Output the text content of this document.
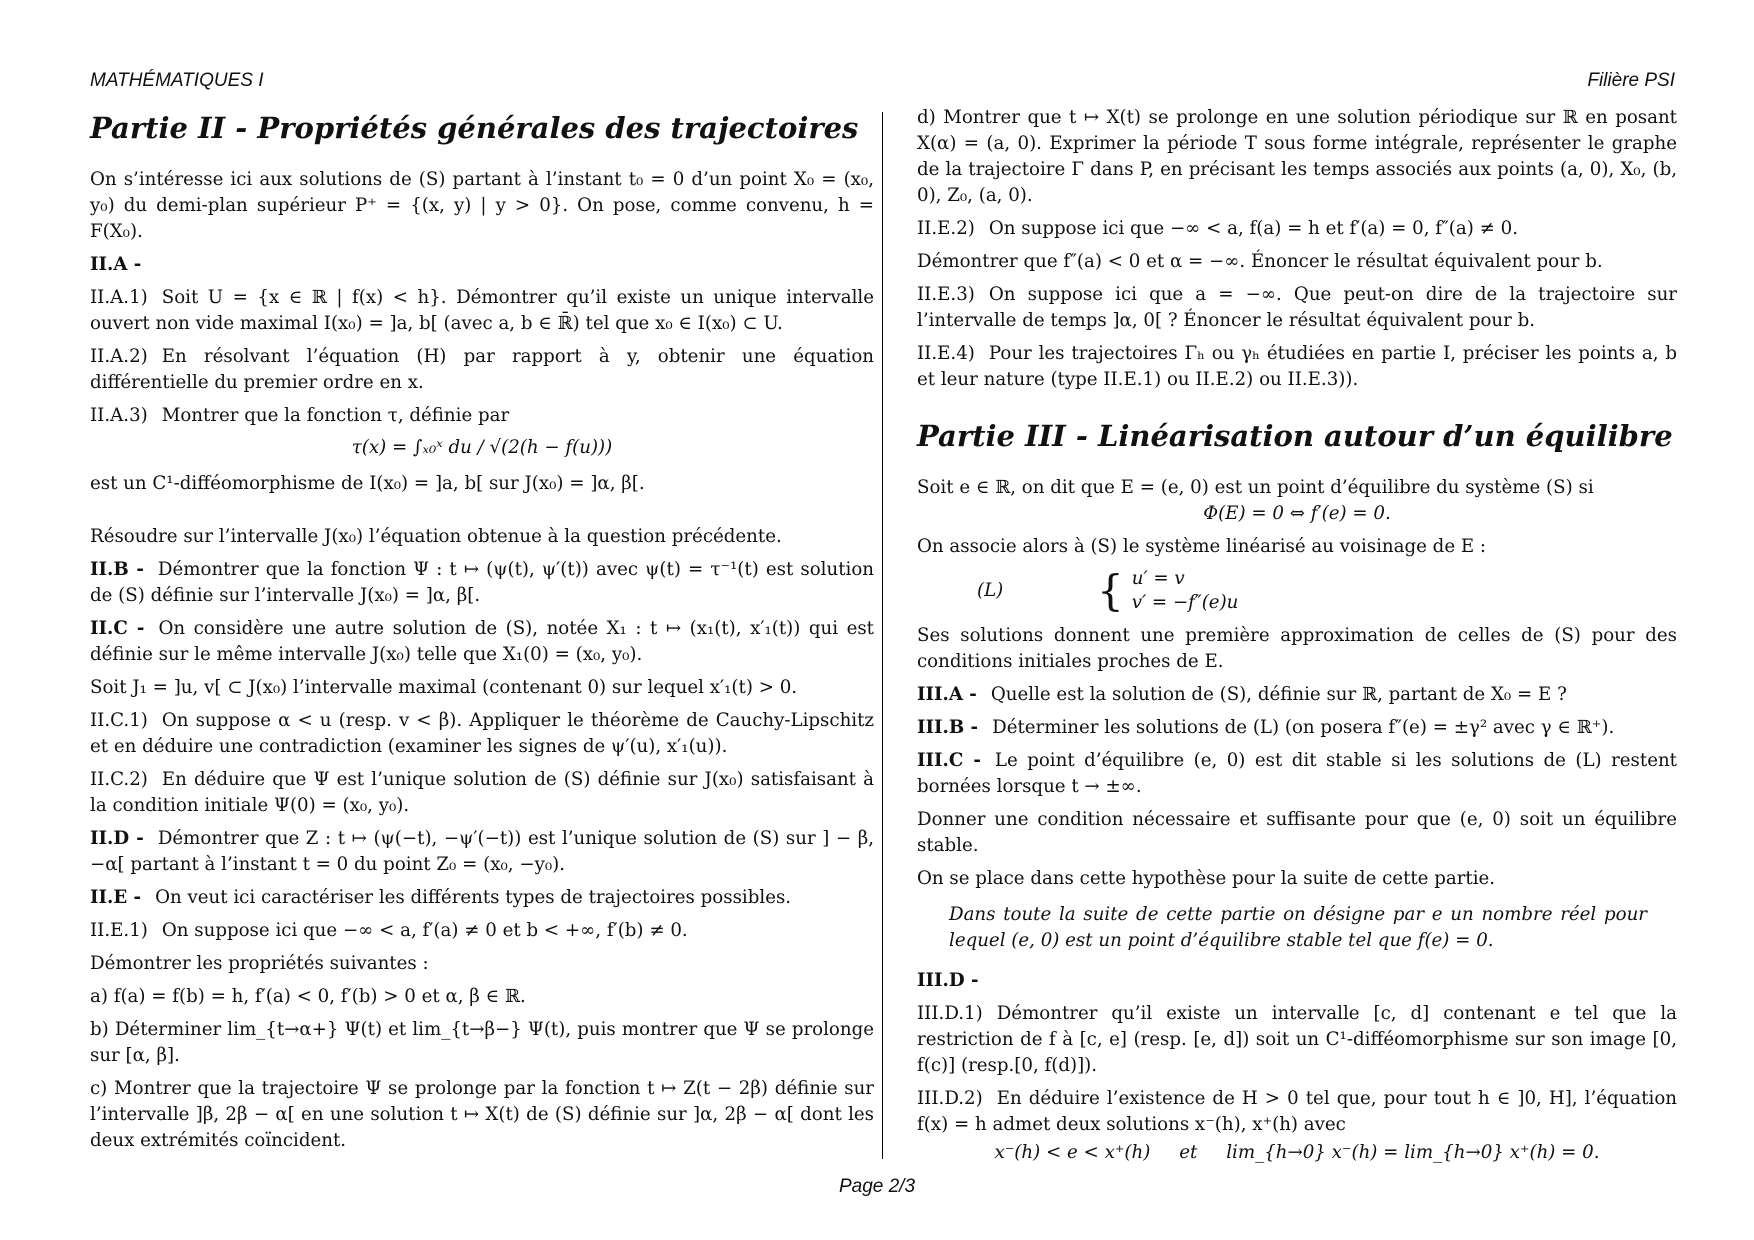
MATHÉMATIQUES I	Filière PSI

Partie II - Propriétés générales des trajectoires

On s’intéresse ici aux solutions de (S) partant à l’instant t₀ = 0 d’un point X₀ = (x₀, y₀) du demi-plan supérieur P⁺ = {(x, y) | y > 0}. On pose, comme convenu, h = F(X₀).

II.A -

II.A.1) Soit U = {x ∈ ℝ | f(x) < h}. Démontrer qu’il existe un unique intervalle ouvert non vide maximal I(x₀) = ]a, b[ (avec a, b ∈ ℝ̄) tel que x₀ ∈ I(x₀) ⊂ U.

II.A.2) En résolvant l’équation (H) par rapport à y, obtenir une équation différentielle du premier ordre en x.

II.A.3) Montrer que la fonction τ, définie par

τ(x) = ∫ₓ₀ˣ du / √(2(h − f(u)))

est un C¹-difféomorphisme de I(x₀) = ]a, b[ sur J(x₀) = ]α, β[.

Résoudre sur l’intervalle J(x₀) l’équation obtenue à la question précédente.

II.B - Démontrer que la fonction Ψ : t ↦ (ψ(t), ψ′(t)) avec ψ(t) = τ⁻¹(t) est solution de (S) définie sur l’intervalle J(x₀) = ]α, β[.

II.C - On considère une autre solution de (S), notée X₁ : t ↦ (x₁(t), x′₁(t)) qui est définie sur le même intervalle J(x₀) telle que X₁(0) = (x₀, y₀).

Soit J₁ = ]u, v[ ⊂ J(x₀) l’intervalle maximal (contenant 0) sur lequel x′₁(t) > 0.

II.C.1) On suppose α < u (resp. v < β). Appliquer le théorème de Cauchy-Lipschitz et en déduire une contradiction (examiner les signes de ψ′(u), x′₁(u)).

II.C.2) En déduire que Ψ est l’unique solution de (S) définie sur J(x₀) satisfaisant à la condition initiale Ψ(0) = (x₀, y₀).

II.D - Démontrer que Z : t ↦ (ψ(−t), −ψ′(−t)) est l’unique solution de (S) sur ] − β, −α[ partant à l’instant t = 0 du point Z₀ = (x₀, −y₀).

II.E - On veut ici caractériser les différents types de trajectoires possibles.

II.E.1) On suppose ici que −∞ < a, f′(a) ≠ 0 et b < +∞, f′(b) ≠ 0.

Démontrer les propriétés suivantes :

a) f(a) = f(b) = h, f′(a) < 0, f′(b) > 0 et α, β ∈ ℝ.

b) Déterminer lim_{t→α+} Ψ(t) et lim_{t→β−} Ψ(t), puis montrer que Ψ se prolonge sur [α, β].

c) Montrer que la trajectoire Ψ se prolonge par la fonction t ↦ Z(t − 2β) définie sur l’intervalle ]β, 2β − α[ en une solution t ↦ X(t) de (S) définie sur ]α, 2β − α[ dont les deux extrémités coïncident.

d) Montrer que t ↦ X(t) se prolonge en une solution périodique sur ℝ en posant X(α) = (a, 0). Exprimer la période T sous forme intégrale, représenter le graphe de la trajectoire Γ dans P, en précisant les temps associés aux points (a, 0), X₀, (b, 0), Z₀, (a, 0).

II.E.2) On suppose ici que −∞ < a, f(a) = h et f′(a) = 0, f″(a) ≠ 0.

Démontrer que f″(a) < 0 et α = −∞. Énoncer le résultat équivalent pour b.

II.E.3) On suppose ici que a = −∞. Que peut-on dire de la trajectoire sur l’intervalle de temps ]α, 0[ ? Énoncer le résultat équivalent pour b.

II.E.4) Pour les trajectoires Γₕ ou γₕ étudiées en partie I, préciser les points a, b et leur nature (type II.E.1) ou II.E.2) ou II.E.3)).

Partie III - Linéarisation autour d’un équilibre

Soit e ∈ ℝ, on dit que E = (e, 0) est un point d’équilibre du système (S) si

Φ(E) = 0 ⇔ f′(e) = 0.

On associe alors à (S) le système linéarisé au voisinage de E :

(L)	{ u′ = v
v′ = −f″(e)u

Ses solutions donnent une première approximation de celles de (S) pour des conditions initiales proches de E.

III.A - Quelle est la solution de (S), définie sur ℝ, partant de X₀ = E ?

III.B - Déterminer les solutions de (L) (on posera f″(e) = ±γ² avec γ ∈ ℝ⁺).

III.C - Le point d’équilibre (e, 0) est dit stable si les solutions de (L) restent bornées lorsque t → ±∞.

Donner une condition nécessaire et suffisante pour que (e, 0) soit un équilibre stable.

On se place dans cette hypothèse pour la suite de cette partie.

Dans toute la suite de cette partie on désigne par e un nombre réel pour lequel (e, 0) est un point d’équilibre stable tel que f(e) = 0.

III.D -

III.D.1) Démontrer qu’il existe un intervalle [c, d] contenant e tel que la restriction de f à [c, e] (resp. [e, d]) soit un C¹-difféomorphisme sur son image [0, f(c)] (resp.[0, f(d)]).

III.D.2) En déduire l’existence de H > 0 tel que, pour tout h ∈ ]0, H], l’équation f(x) = h admet deux solutions x⁻(h), x⁺(h) avec

x⁻(h) < e < x⁺(h)     et     lim_{h→0} x⁻(h) = lim_{h→0} x⁺(h) = 0.

Page 2/3
